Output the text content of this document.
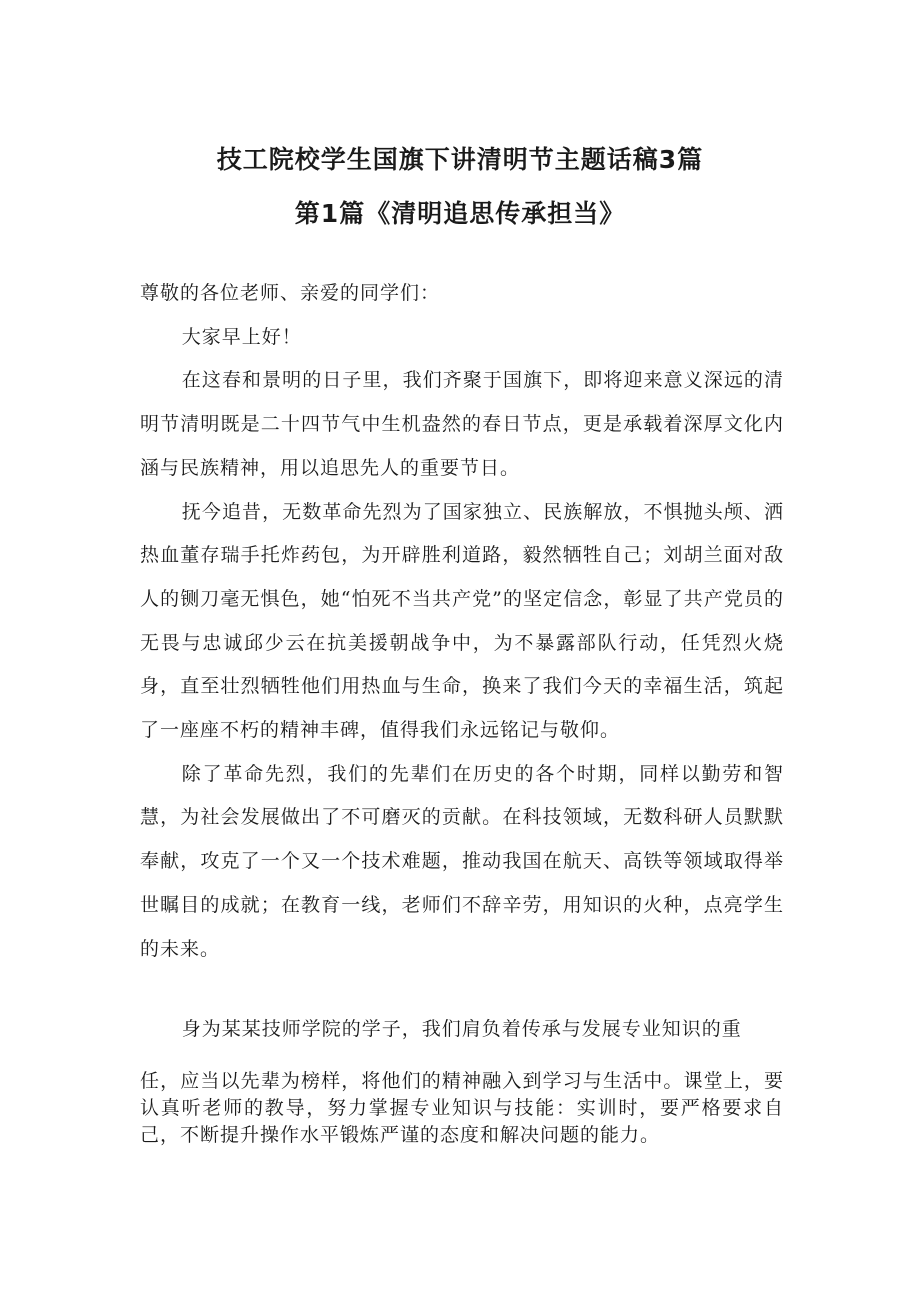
技工院校学生国旗下讲清明节主题话稿3篇
第1篇《清明追思传承担当》

尊敬的各位老师、亲爱的同学们：

大家早上好！

在这春和景明的日子里，我们齐聚于国旗下，即将迎来意义深远的清明节清明既是二十四节气中生机盎然的春日节点，更是承载着深厚文化内涵与民族精神，用以追思先人的重要节日。

抚今追昔，无数革命先烈为了国家独立、民族解放，不惧抛头颅、洒热血董存瑞手托炸药包，为开辟胜利道路，毅然牺牲自己；刘胡兰面对敌人的铡刀毫无惧色，她“怕死不当共产党”的坚定信念，彰显了共产党员的无畏与忠诚邱少云在抗美援朝战争中，为不暴露部队行动，任凭烈火烧身，直至壮烈牺牲他们用热血与生命，换来了我们今天的幸福生活，筑起了一座座不朽的精神丰碑，值得我们永远铭记与敬仰。

除了革命先烈，我们的先辈们在历史的各个时期，同样以勤劳和智慧，为社会发展做出了不可磨灭的贡献。在科技领域，无数科研人员默默奉献，攻克了一个又一个技术难题，推动我国在航天、高铁等领域取得举世瞩目的成就；在教育一线，老师们不辞辛劳，用知识的火种，点亮学生的未来。

身为某某技师学院的学子，我们肩负着传承与发展专业知识的重

任，应当以先辈为榜样，将他们的精神融入到学习与生活中。课堂上，要认真听老师的教导，努力掌握专业知识与技能：实训时，要严格要求自己，不断提升操作水平锻炼严谨的态度和解决问题的能力。
